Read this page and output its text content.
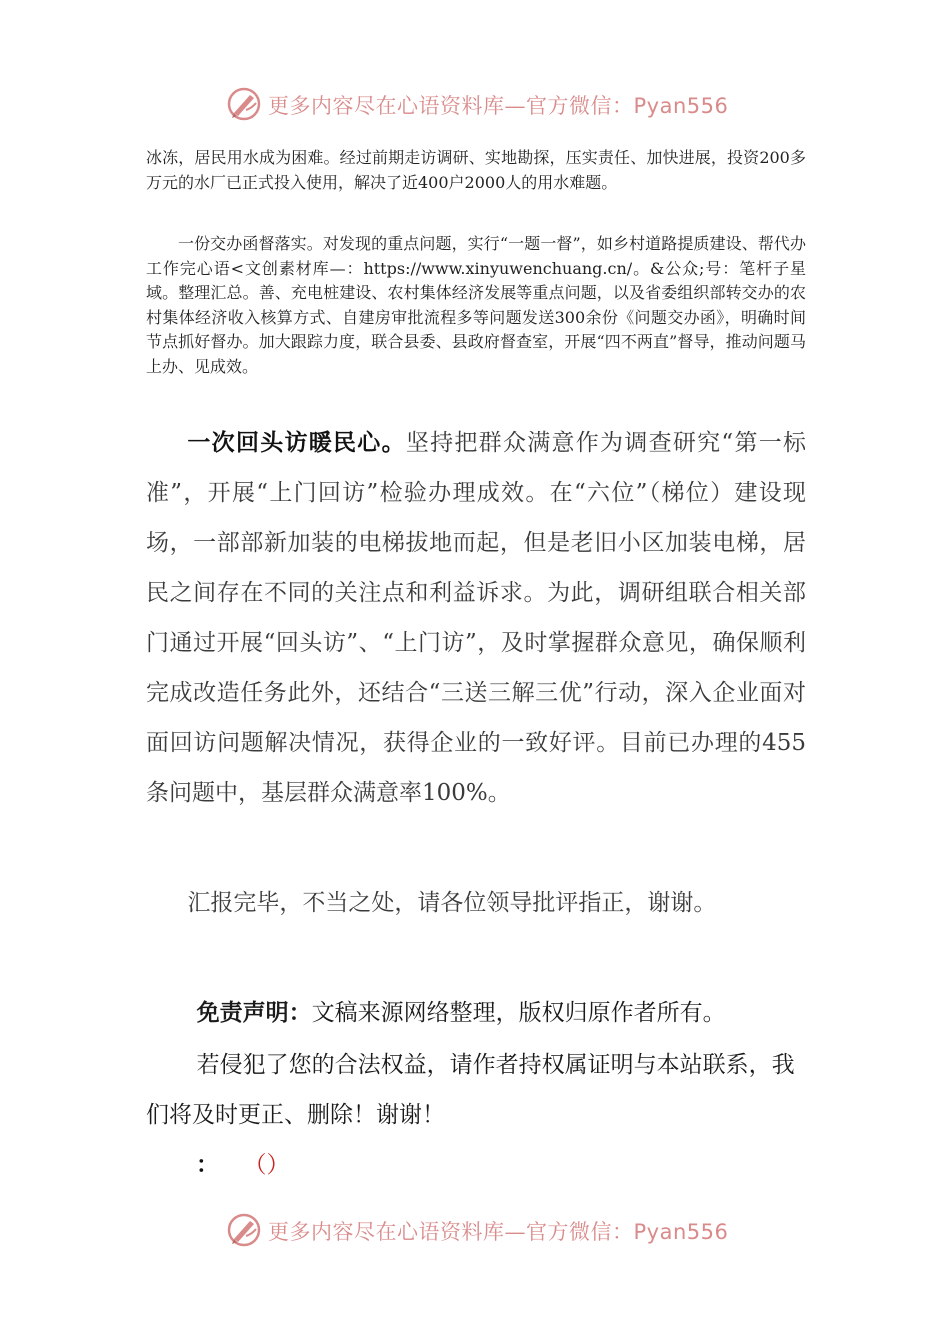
更多内容尽在心语资料库—官方微信：Pyan556
冰冻，居民用水成为困难。经过前期走访调研、实地勘探，压实责任、加快进展，投资200多万元的水厂已正式投入使用，解决了近400户2000人的用水难题。
一份交办函督落实。对发现的重点问题，实行“一题一督”，如乡村道路提质建设、帮代办工作完心语<文创素材库—：https://www.xinyuwenchuang.cn/。&公众;号：笔杆子星域。整理汇总。善、充电桩建设、农村集体经济发展等重点问题，以及省委组织部转交办的农村集体经济收入核算方式、自建房审批流程多等问题发送300余份《问题交办函》，明确时间节点抓好督办。加大跟踪力度，联合县委、县政府督查室，开展“四不两直”督导，推动问题马上办、见成效。
一次回头访暖民心。坚持把群众满意作为调查研究“第一标准”，开展“上门回访”检验办理成效。在“六位”（梯位）建设现场，一部部新加装的电梯拔地而起，但是老旧小区加装电梯，居民之间存在不同的关注点和利益诉求。为此，调研组联合相关部门通过开展“回头访”、“上门访”，及时掌握群众意见，确保顺利完成改造任务此外，还结合“三送三解三优”行动，深入企业面对面回访问题解决情况，获得企业的一致好评。目前已办理的455条问题中，基层群众满意率100%。
汇报完毕，不当之处，请各位领导批评指正，谢谢。
免责声明：文稿来源网络整理，版权归原作者所有。
若侵犯了您的合法权益，请作者持权属证明与本站联系，我们将及时更正、删除！谢谢！
： （）
更多内容尽在心语资料库—官方微信：Pyan556
